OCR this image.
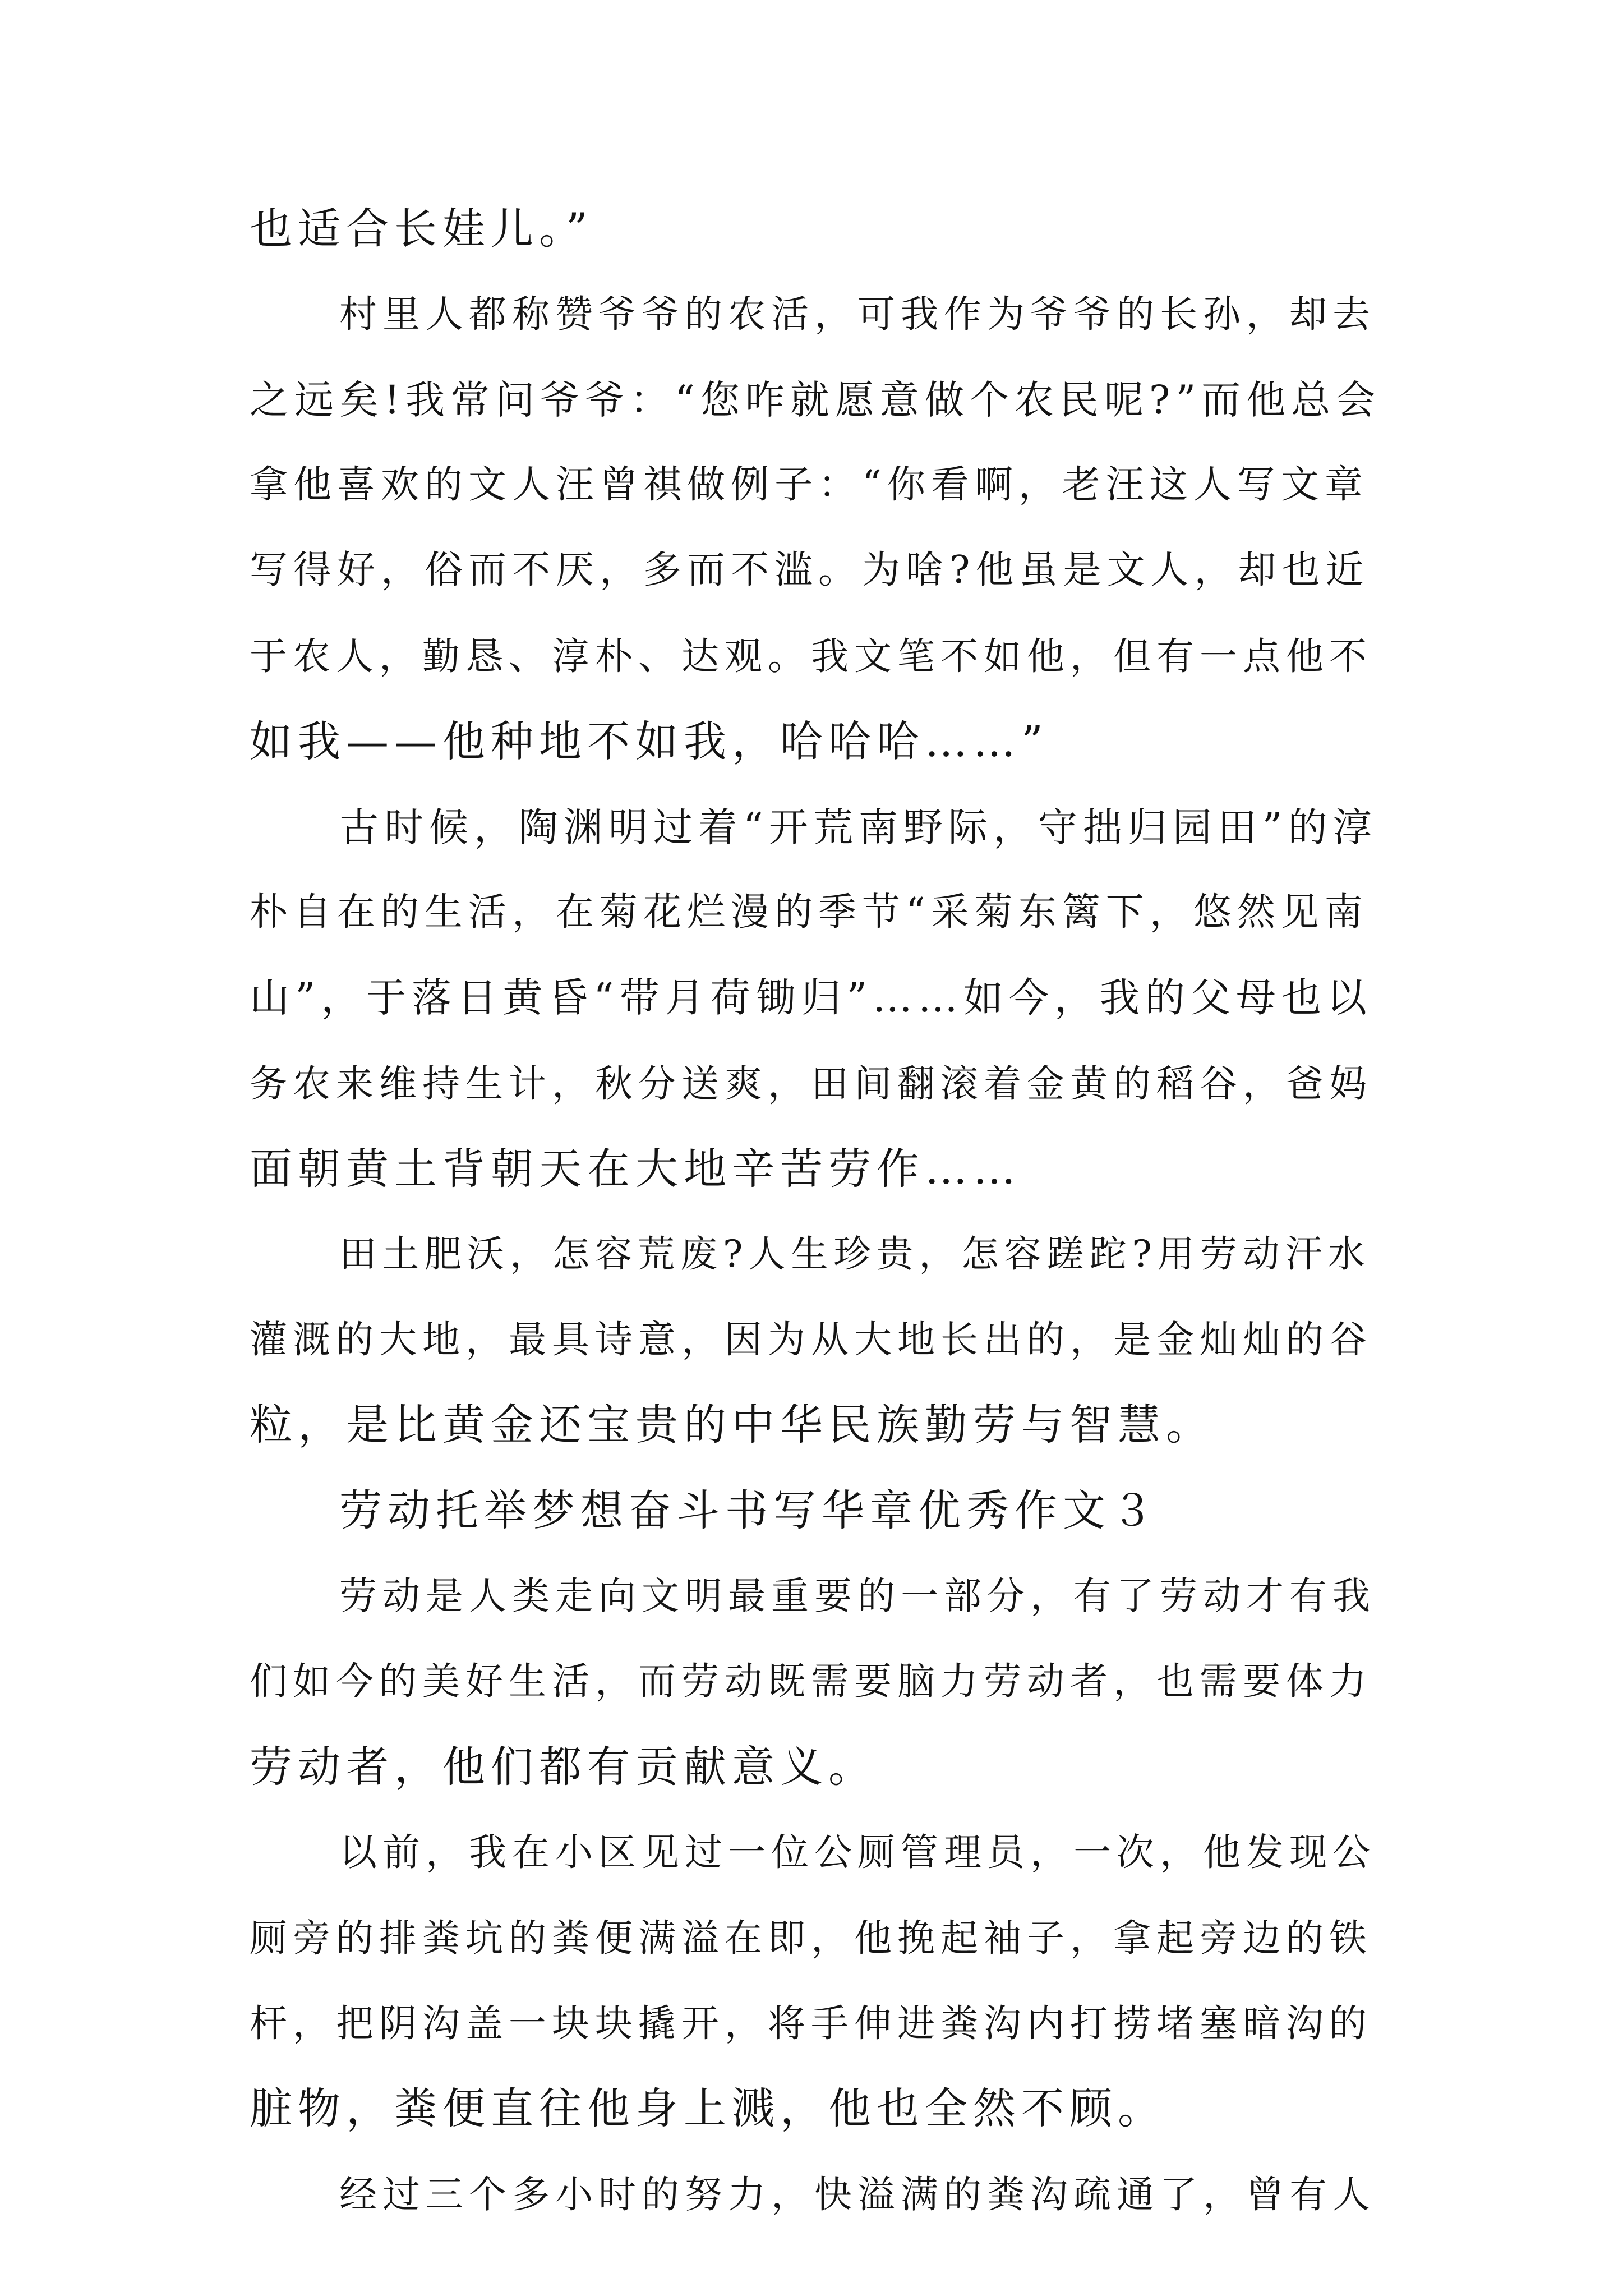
也适合长娃儿。”
村里人都称赞爷爷的农活，可我作为爷爷的长孙，却去
之远矣!我常问爷爷：“您咋就愿意做个农民呢?”而他总会
拿他喜欢的文人汪曾祺做例子：“你看啊，老汪这人写文章
写得好，俗而不厌，多而不滥。为啥?他虽是文人，却也近
于农人，勤恳、淳朴、达观。我文笔不如他，但有一点他不
如我——他种地不如我，哈哈哈……”
古时候，陶渊明过着“开荒南野际，守拙归园田”的淳
朴自在的生活，在菊花烂漫的季节“采菊东篱下，悠然见南
山”，于落日黄昏“带月荷锄归”……如今，我的父母也以
务农来维持生计，秋分送爽，田间翻滚着金黄的稻谷，爸妈
面朝黄土背朝天在大地辛苦劳作……
田土肥沃，怎容荒废?人生珍贵，怎容蹉跎?用劳动汗水
灌溉的大地，最具诗意，因为从大地长出的，是金灿灿的谷
粒，是比黄金还宝贵的中华民族勤劳与智慧。
劳动托举梦想奋斗书写华章优秀作文３
劳动是人类走向文明最重要的一部分，有了劳动才有我
们如今的美好生活，而劳动既需要脑力劳动者，也需要体力
劳动者，他们都有贡献意义。
以前，我在小区见过一位公厕管理员，一次，他发现公
厕旁的排粪坑的粪便满溢在即，他挽起袖子，拿起旁边的铁
杆，把阴沟盖一块块撬开，将手伸进粪沟内打捞堵塞暗沟的
脏物，粪便直往他身上溅，他也全然不顾。
经过三个多小时的努力，快溢满的粪沟疏通了，曾有人
